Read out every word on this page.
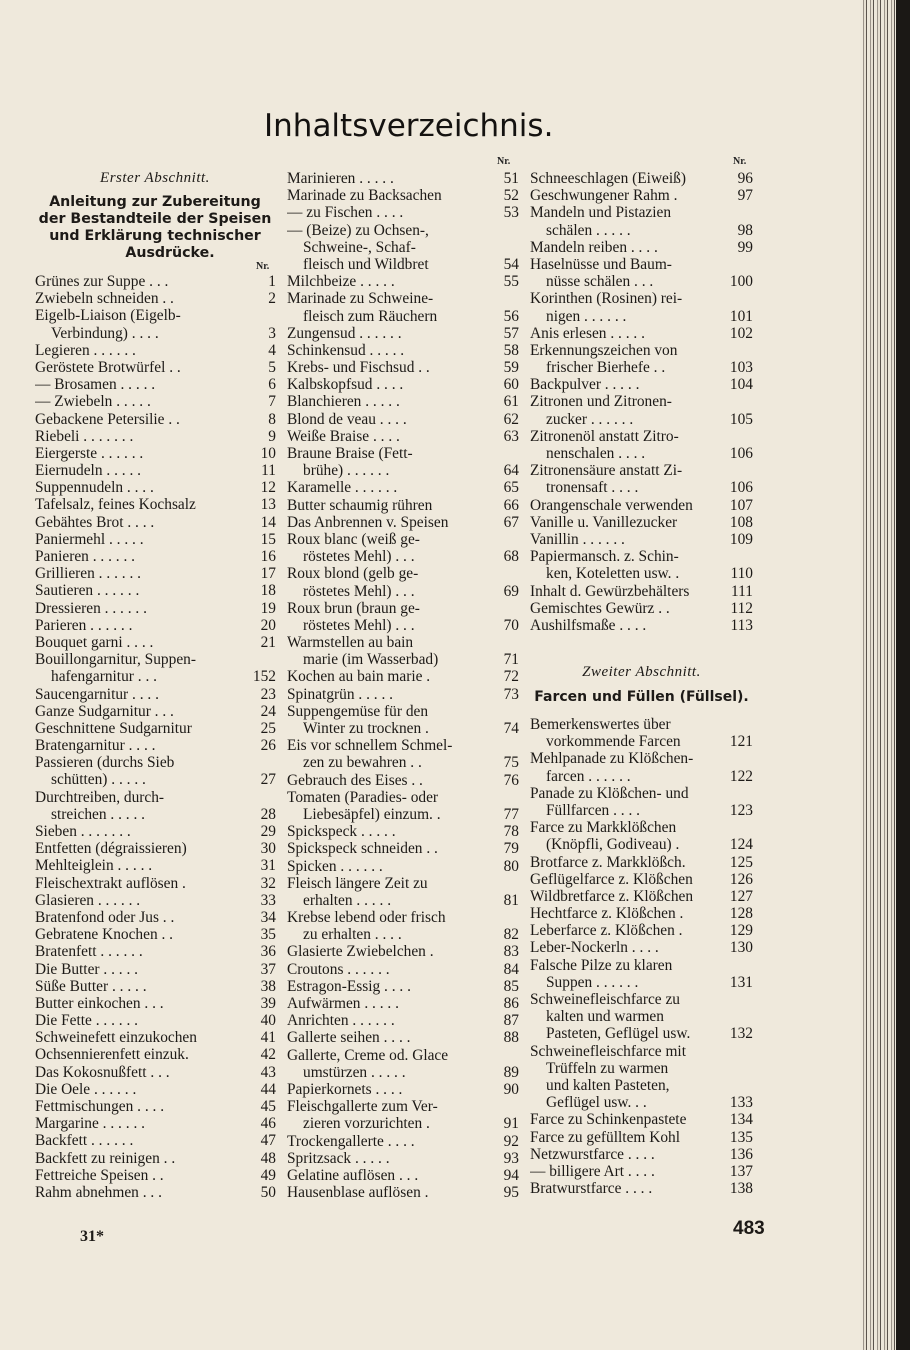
Inhaltsverzeichnis.
Nr.	Nr.
Erster Abschnitt.
Anleitung zur Zubereitung
der Bestandteile der Speisen
und Erklärung technischer
Ausdrücke.
Nr.
Grünes zur Suppe . . .	1
Zwiebeln schneiden . .	2
Eigelb-Liaison (Eigelb-
Verbindung) . . . .	3
Legieren . . . . . .	4
Geröstete Brotwürfel . .	5
— Brosamen . . . . .	6
— Zwiebeln . . . . .	7
Gebackene Petersilie . .	8
Riebeli . . . . . . .	9
Eiergerste . . . . . .	10
Eiernudeln . . . . .	11
Suppennudeln . . . .	12
Tafelsalz, feines Kochsalz	13
Gebähtes Brot . . . .	14
Paniermehl . . . . .	15
Panieren . . . . . .	16
Grillieren . . . . . .	17
Sautieren . . . . . .	18
Dressieren . . . . . .	19
Parieren . . . . . .	20
Bouquet garni . . . .	21
Bouillongarnitur, Suppen-
hafengarnitur . . .	152
Saucengarnitur . . . .	23
Ganze Sudgarnitur . . .	24
Geschnittene Sudgarnitur	25
Bratengarnitur . . . .	26
Passieren (durchs Sieb
schütten) . . . . .	27
Durchtreiben, durch-
streichen . . . . .	28
Sieben . . . . . . .	29
Entfetten (dégraissieren)	30
Mehlteiglein . . . . .	31
Fleischextrakt auflösen .	32
Glasieren . . . . . .	33
Bratenfond oder Jus . .	34
Gebratene Knochen . .	35
Bratenfett . . . . . .	36
Die Butter . . . . .	37
Süße Butter . . . . .	38
Butter einkochen . . .	39
Die Fette . . . . . .	40
Schweinefett einzukochen	41
Ochsennierenfett einzuk.	42
Das Kokosnußfett . . .	43
Die Oele . . . . . .	44
Fettmischungen . . . .	45
Margarine . . . . . .	46
Backfett . . . . . .	47
Backfett zu reinigen . .	48
Fettreiche Speisen . .	49
Rahm abnehmen . . .	50
Marinieren . . . . .	51
Marinade zu Backsachen	52
— zu Fischen . . . .	53
— (Beize) zu Ochsen-,
Schweine-, Schaf-
fleisch und Wildbret	54
Milchbeize . . . . .	55
Marinade zu Schweine-
fleisch zum Räuchern	56
Zungensud . . . . . .	57
Schinkensud . . . . .	58
Krebs- und Fischsud . .	59
Kalbskopfsud . . . .	60
Blanchieren . . . . .	61
Blond de veau . . . .	62
Weiße Braise . . . .	63
Braune Braise (Fett-
brühe) . . . . . .	64
Karamelle . . . . . .	65
Butter schaumig rühren	66
Das Anbrennen v. Speisen	67
Roux blanc (weiß ge-
röstetes Mehl) . . .	68
Roux blond (gelb ge-
röstetes Mehl) . . .	69
Roux brun (braun ge-
röstetes Mehl) . . .	70
Warmstellen au bain
marie (im Wasserbad)	71
Kochen au bain marie .	72
Spinatgrün . . . . .	73
Suppengemüse für den
Winter zu trocknen .	74
Eis vor schnellem Schmel-
zen zu bewahren . .	75
Gebrauch des Eises . .	76
Tomaten (Paradies- oder
Liebesäpfel) einzum. .	77
Spickspeck . . . . .	78
Spickspeck schneiden . .	79
Spicken . . . . . .	80
Fleisch längere Zeit zu
erhalten . . . . .	81
Krebse lebend oder frisch
zu erhalten . . . .	82
Glasierte Zwiebelchen .	83
Croutons . . . . . .	84
Estragon-Essig . . . .	85
Aufwärmen . . . . .	86
Anrichten . . . . . .	87
Gallerte seihen . . . .	88
Gallerte, Creme od. Glace
umstürzen . . . . .	89
Papierkornets . . . .	90
Fleischgallerte zum Ver-
zieren vorzurichten .	91
Trockengallerte . . . .	92
Spritzsack . . . . .	93
Gelatine auflösen . . .	94
Hausenblase auflösen .	95
Schneeschlagen (Eiweiß)	96
Geschwungener Rahm .	97
Mandeln und Pistazien
schälen . . . . .	98
Mandeln reiben . . . .	99
Haselnüsse und Baum-
nüsse schälen . . .	100
Korinthen (Rosinen) rei-
nigen . . . . . .	101
Anis erlesen . . . . .	102
Erkennungszeichen von
frischer Bierhefe . .	103
Backpulver . . . . .	104
Zitronen und Zitronen-
zucker . . . . . .	105
Zitronenöl anstatt Zitro-
nenschalen . . . .	106
Zitronensäure anstatt Zi-
tronensaft . . . .	106
Orangenschale verwenden	107
Vanille u. Vanillezucker	108
Vanillin . . . . . .	109
Papiermansch. z. Schin-
ken, Koteletten usw. .	110
Inhalt d. Gewürzbehälters	111
Gemischtes Gewürz . .	112
Aushilfsmaße . . . .	113
Zweiter Abschnitt.
Farcen und Füllen (Füllsel).
Bemerkenswertes über
vorkommende Farcen	121
Mehlpanade zu Klößchen-
farcen . . . . . .	122
Panade zu Klößchen- und
Füllfarcen . . . .	123
Farce zu Markklößchen
(Knöpfli, Godiveau) .	124
Brotfarce z. Markklößch.	125
Geflügelfarce z. Klößchen	126
Wildbretfarce z. Klößchen	127
Hechtfarce z. Klößchen .	128
Leberfarce z. Klößchen .	129
Leber-Nockerln . . . .	130
Falsche Pilze zu klaren
Suppen . . . . . .	131
Schweinefleischfarce zu
kalten und warmen
Pasteten, Geflügel usw.	132
Schweinefleischfarce mit
Trüffeln zu warmen
und kalten Pasteten,
Geflügel usw. . .	133
Farce zu Schinkenpastete	134
Farce zu gefülltem Kohl	135
Netzwurstfarce . . . .	136
— billigere Art . . . .	137
Bratwurstfarce . . . .	138
31*	483
